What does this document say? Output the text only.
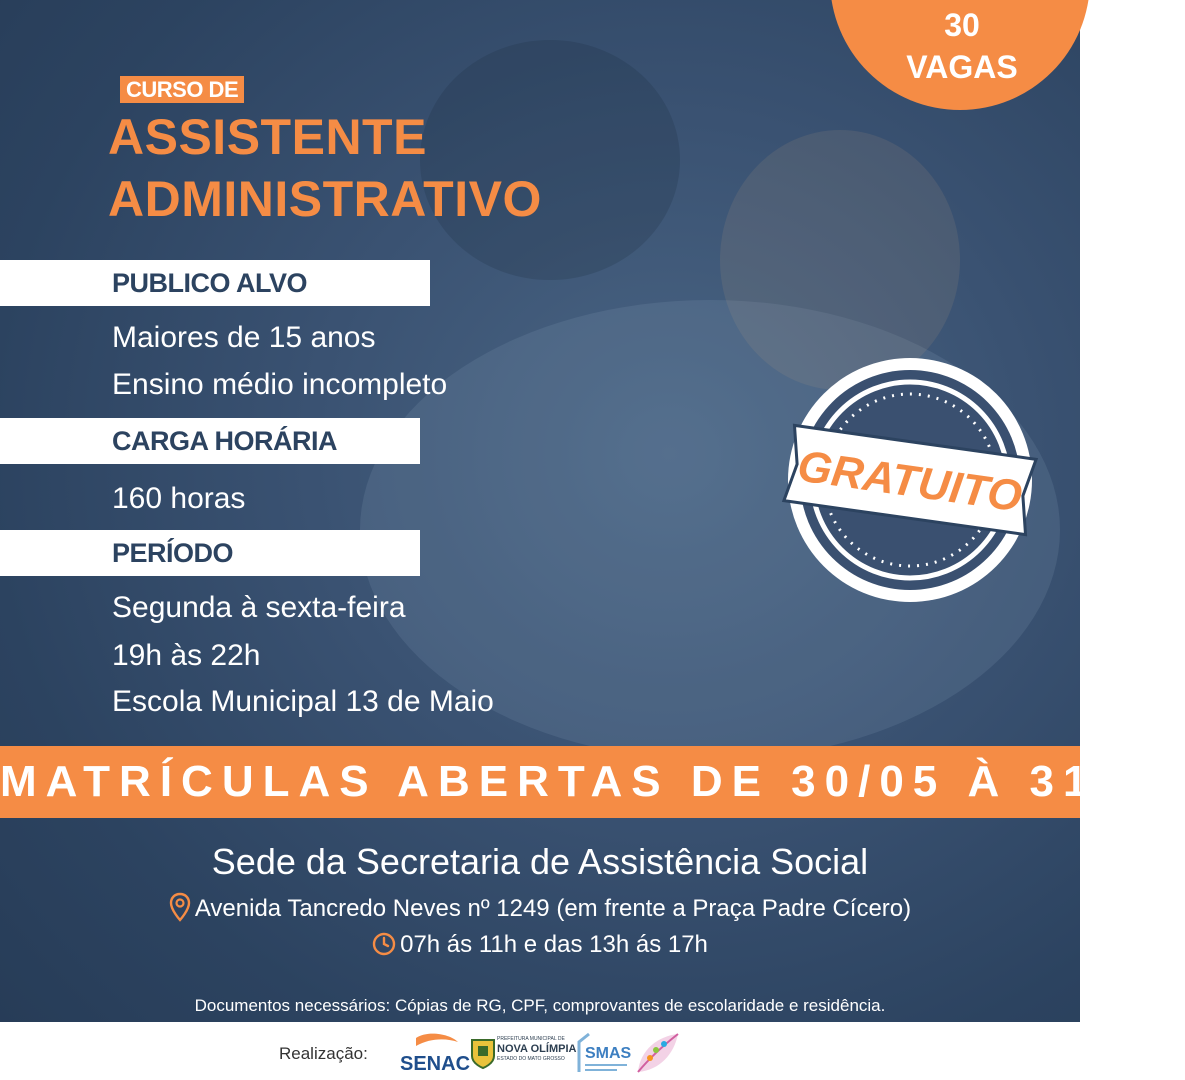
30
VAGAS
CURSO DE
ASSISTENTE
ADMINISTRATIVO
PUBLICO ALVO
Maiores de 15 anos
Ensino médio incompleto
CARGA HORÁRIA
160 horas
PERÍODO
Segunda à sexta-feira
19h às 22h
Escola Municipal 13 de Maio
GRATUITO
MATRÍCULAS ABERTAS DE 30/05 À 31/05
Sede da Secretaria de Assistência Social
Avenida Tancredo Neves nº 1249 (em frente a Praça Padre Cícero)
07h ás 11h e das 13h ás 17h
Documentos necessários: Cópias de RG, CPF, comprovantes de escolaridade e residência.
Realização: SENAC
PREFEITURA MUNICIPAL DE
NOVA OLÍMPIA
ESTADO DO MATO GROSSO	SMAS
